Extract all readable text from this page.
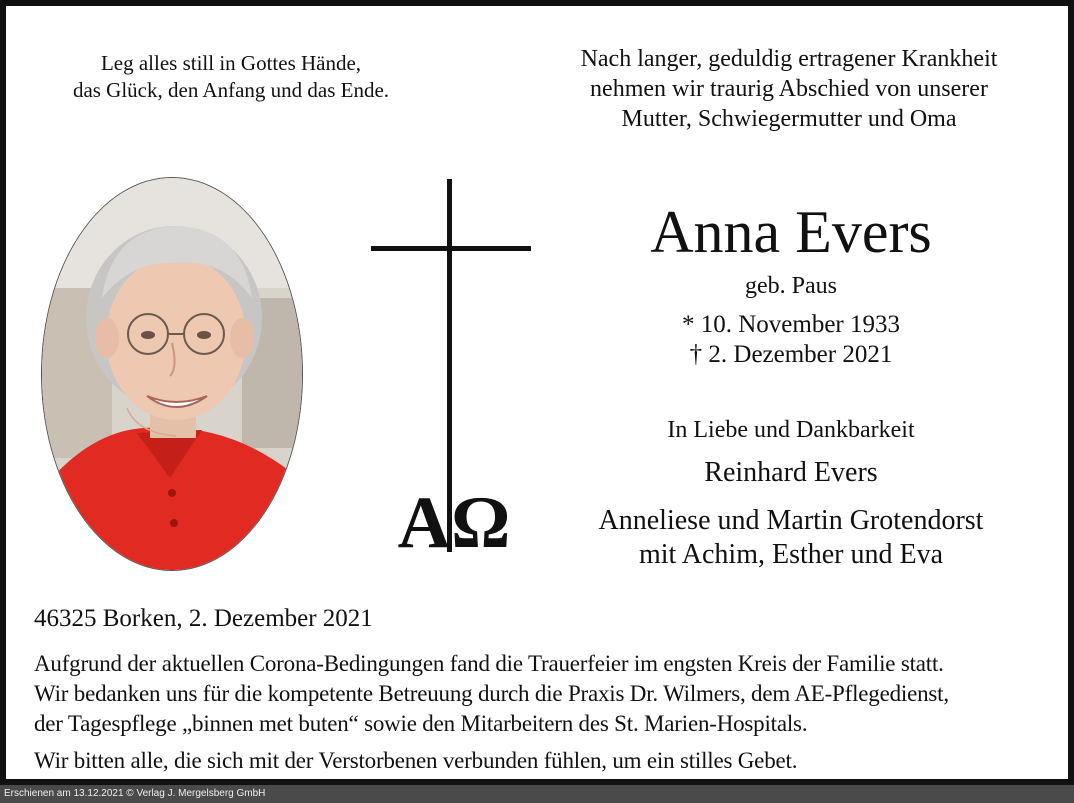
Leg alles still in Gottes Hände,
das Glück, den Anfang und das Ende.
Nach langer, geduldig ertragener Krankheit
nehmen wir traurig Abschied von unserer
Mutter, Schwiegermutter und Oma
AΩ
Anna Evers
geb. Paus
* 10. November 1933
† 2. Dezember 2021
In Liebe und Dankbarkeit
Reinhard Evers
Anneliese und Martin Grotendorst
mit Achim, Esther und Eva
46325 Borken, 2. Dezember 2021
Aufgrund der aktuellen Corona-Bedingungen fand die Trauerfeier im engsten Kreis der Familie statt.
Wir bedanken uns für die kompetente Betreuung durch die Praxis Dr. Wilmers, dem AE-Pflegedienst,
der Tagespflege „binnen met buten“ sowie den Mitarbeitern des St. Marien-Hospitals.
Wir bitten alle, die sich mit der Verstorbenen verbunden fühlen, um ein stilles Gebet.
Erschienen am 13.12.2021 © Verlag J. Mergelsberg GmbH
